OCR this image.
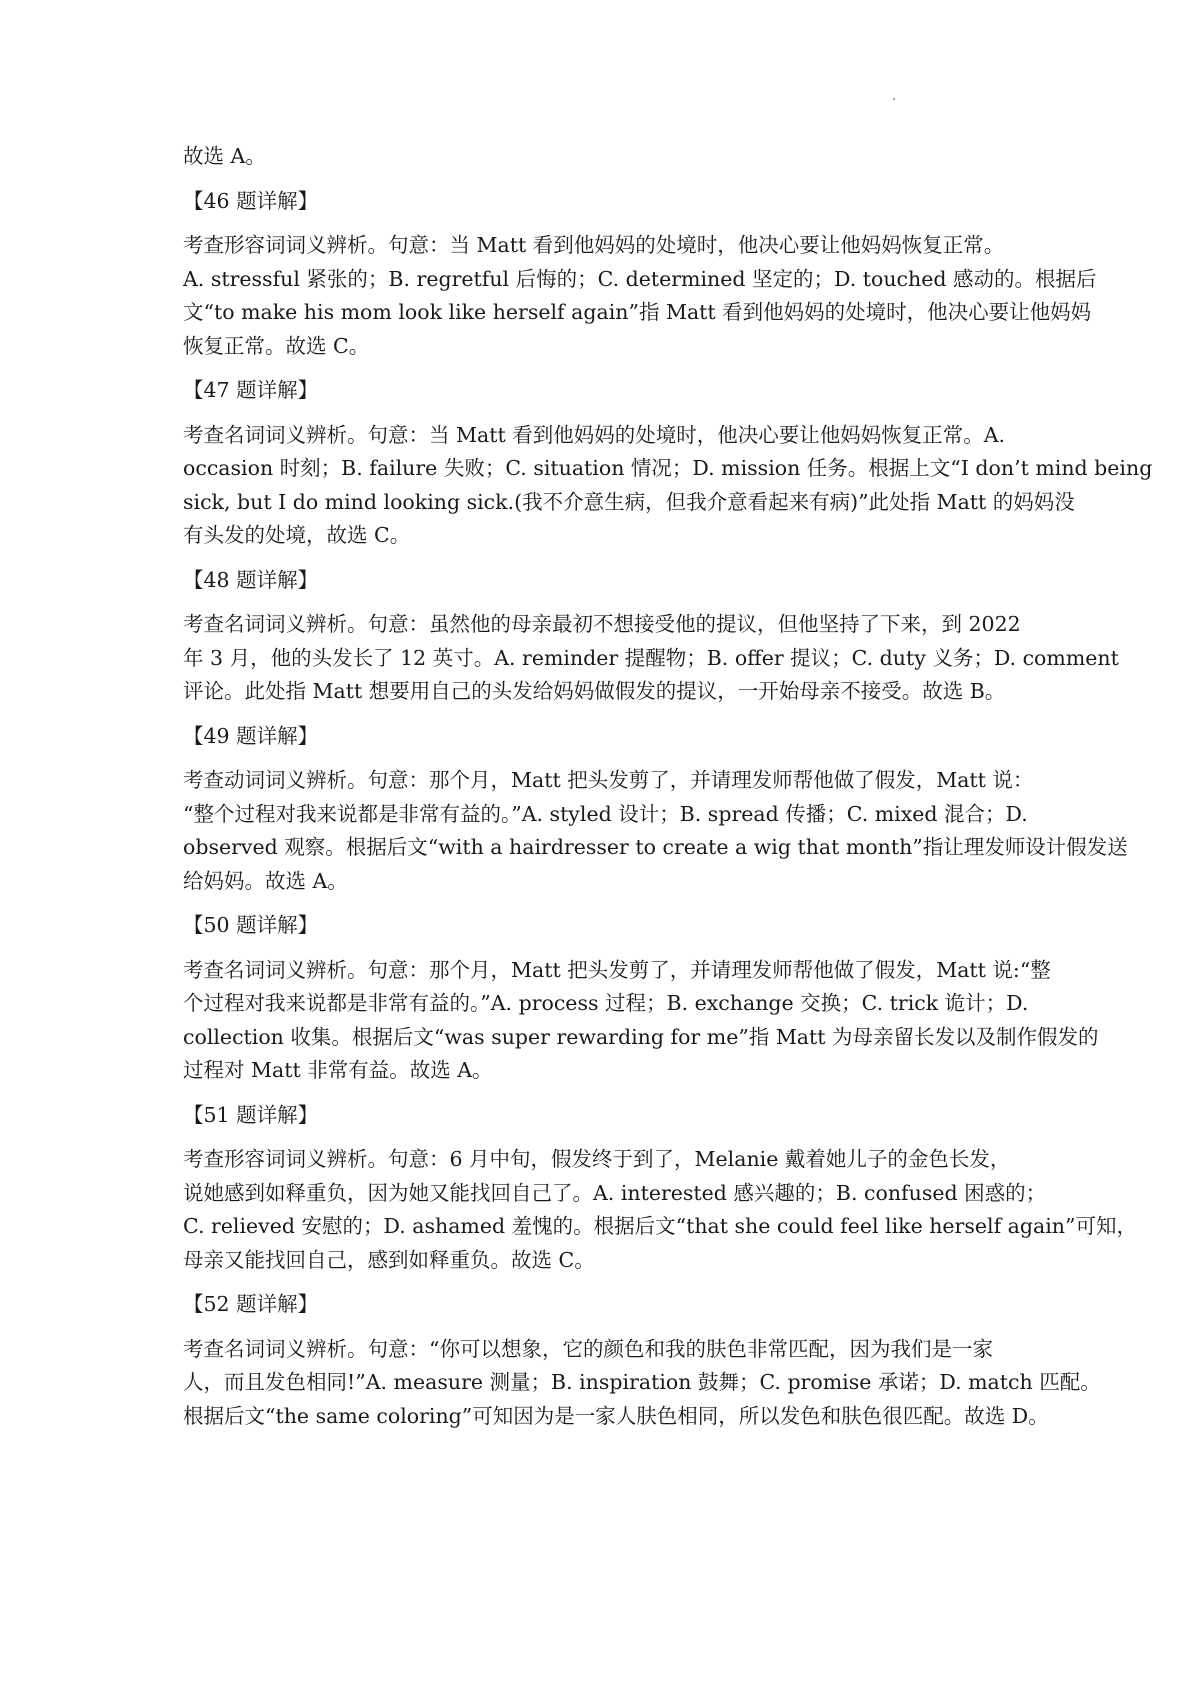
故选 A。

【46 题详解】

考查形容词词义辨析。句意：当 Matt 看到他妈妈的处境时，他决心要让他妈妈恢复正常。

A. stressful 紧张的；B. regretful 后悔的；C. determined 坚定的；D. touched 感动的。根据后

文“to make his mom look like herself again”指 Matt 看到他妈妈的处境时，他决心要让他妈妈

恢复正常。故选 C。

【47 题详解】

考查名词词义辨析。句意：当 Matt 看到他妈妈的处境时，他决心要让他妈妈恢复正常。A.

occasion 时刻；B. failure 失败；C. situation 情况；D. mission 任务。根据上文“I don’t mind being

sick, but I do mind looking sick.(我不介意生病，但我介意看起来有病)”此处指 Matt 的妈妈没

有头发的处境，故选 C。

【48 题详解】

考查名词词义辨析。句意：虽然他的母亲最初不想接受他的提议，但他坚持了下来，到 2022

年 3 月，他的头发长了 12 英寸。A. reminder 提醒物；B. offer 提议；C. duty 义务；D. comment

评论。此处指 Matt 想要用自己的头发给妈妈做假发的提议，一开始母亲不接受。故选 B。

【49 题详解】

考查动词词义辨析。句意：那个月，Matt 把头发剪了，并请理发师帮他做了假发，Matt 说：

“整个过程对我来说都是非常有益的。”A. styled 设计；B. spread 传播；C. mixed 混合；D.

observed 观察。根据后文“with a hairdresser to create a wig that month”指让理发师设计假发送

给妈妈。故选 A。

【50 题详解】

考查名词词义辨析。句意：那个月，Matt 把头发剪了，并请理发师帮他做了假发，Matt 说:“整

个过程对我来说都是非常有益的。”A. process 过程；B. exchange 交换；C. trick 诡计；D.

collection 收集。根据后文“was super rewarding for me”指 Matt 为母亲留长发以及制作假发的

过程对 Matt 非常有益。故选 A。

【51 题详解】

考查形容词词义辨析。句意：6 月中旬，假发终于到了，Melanie 戴着她儿子的金色长发，

说她感到如释重负，因为她又能找回自己了。A. interested 感兴趣的；B. confused 困惑的；

C. relieved 安慰的；D. ashamed 羞愧的。根据后文“that she could feel like herself again”可知，

母亲又能找回自己，感到如释重负。故选 C。

【52 题详解】

考查名词词义辨析。句意：“你可以想象，它的颜色和我的肤色非常匹配，因为我们是一家

人，而且发色相同!”A. measure 测量；B. inspiration 鼓舞；C. promise 承诺；D. match 匹配。

根据后文“the same coloring”可知因为是一家人肤色相同，所以发色和肤色很匹配。故选 D。
